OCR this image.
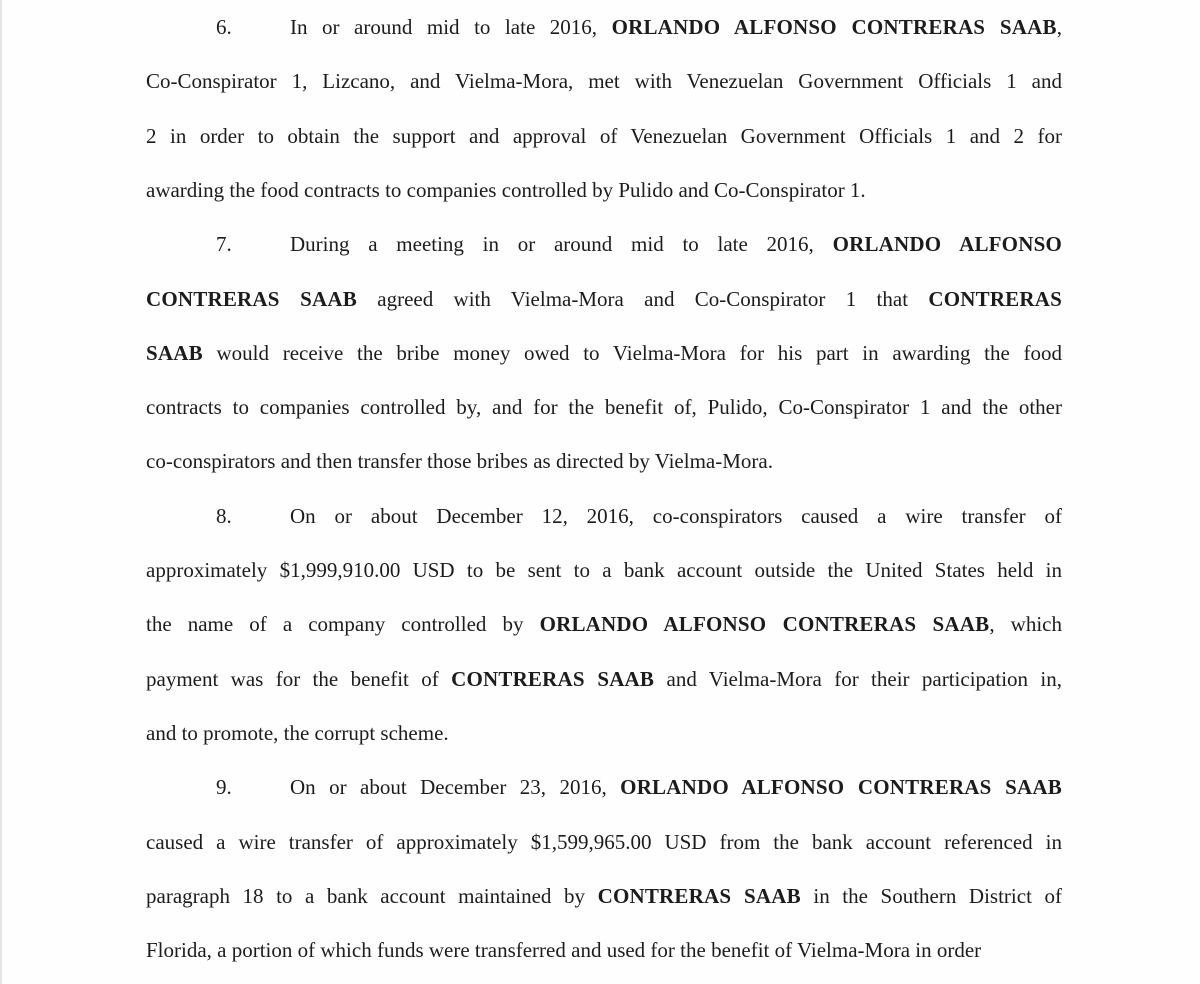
6.	In or around mid to late 2016, ORLANDO ALFONSO CONTRERAS SAAB,
Co-Conspirator 1, Lizcano, and Vielma-Mora, met with Venezuelan Government Officials 1 and
2 in order to obtain the support and approval of Venezuelan Government Officials 1 and 2 for
awarding the food contracts to companies controlled by Pulido and Co-Conspirator 1.
7.	During a meeting in or around mid to late 2016, ORLANDO ALFONSO
CONTRERAS SAAB agreed with Vielma-Mora and Co-Conspirator 1 that CONTRERAS
SAAB would receive the bribe money owed to Vielma-Mora for his part in awarding the food
contracts to companies controlled by, and for the benefit of, Pulido, Co-Conspirator 1 and the other
co-conspirators and then transfer those bribes as directed by Vielma-Mora.
8.	On or about December 12, 2016, co-conspirators caused a wire transfer of
approximately $1,999,910.00 USD to be sent to a bank account outside the United States held in
the name of a company controlled by ORLANDO ALFONSO CONTRERAS SAAB, which
payment was for the benefit of CONTRERAS SAAB and Vielma-Mora for their participation in,
and to promote, the corrupt scheme.
9.	On or about December 23, 2016, ORLANDO ALFONSO CONTRERAS SAAB
caused a wire transfer of approximately $1,599,965.00 USD from the bank account referenced in
paragraph 18 to a bank account maintained by CONTRERAS SAAB in the Southern District of
Florida, a portion of which funds were transferred and used for the benefit of Vielma-Mora in order
